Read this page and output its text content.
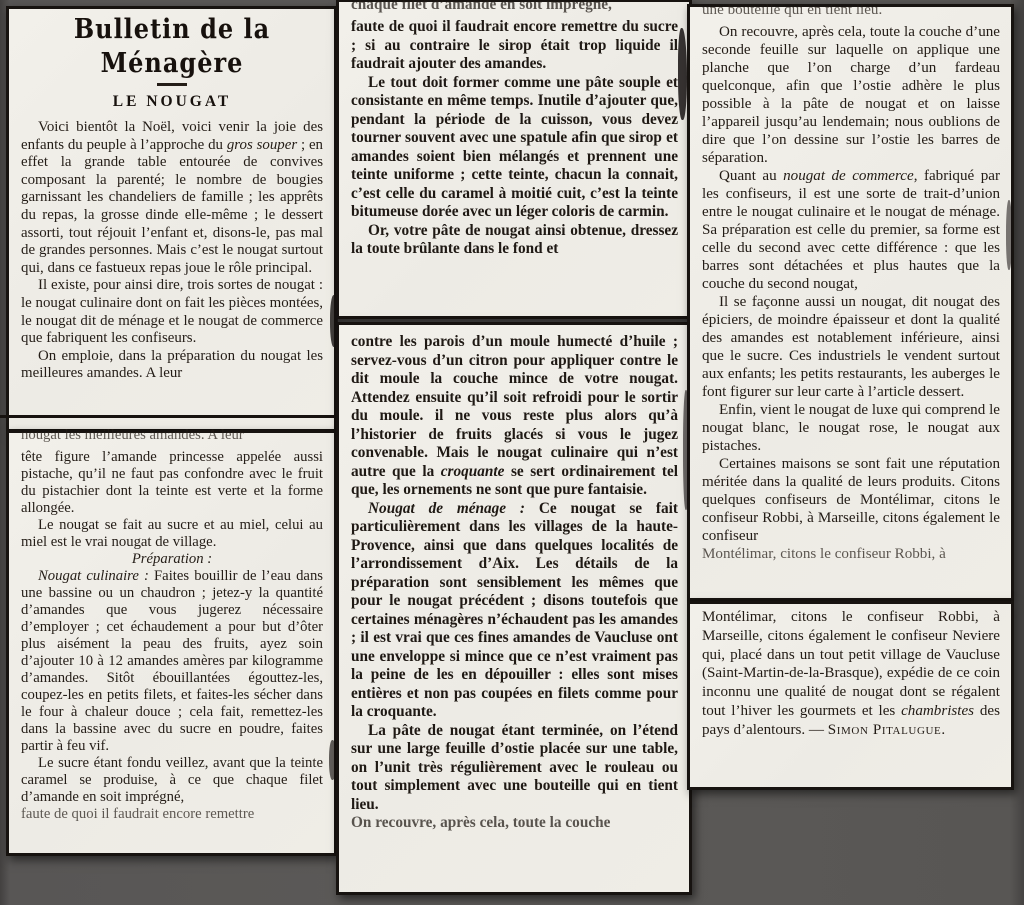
Bulletin de la Ménagère
LE NOUGAT

Voici bientôt la Noël, voici venir la joie des enfants du peuple à l’approche du gros souper ; en effet la grande table entourée de convives composant la parenté; le nombre de bougies garnissant les chandeliers de famille ; les apprêts du repas, la grosse dinde elle-même ; le dessert assorti, tout réjouit l’enfant et, disons-le, pas mal de grandes personnes. Mais c’est le nougat surtout qui, dans ce fastueux repas joue le rôle principal.

Il existe, pour ainsi dire, trois sortes de nougat : le nougat culinaire dont on fait les pièces montées, le nougat dit de ménage et le nougat de commerce que fabriquent les confiseurs.

On emploie, dans la préparation du nougat les meilleures amandes. A leur

nougat les meilleures amandes. A leur

tête figure l’amande princesse appelée aussi pistache, qu’il ne faut pas confondre avec le fruit du pistachier dont la teinte est verte et la forme allongée.

Le nougat se fait au sucre et au miel, celui au miel est le vrai nougat de village.

Préparation :

Nougat culinaire : Faites bouillir de l’eau dans une bassine ou un chaudron ; jetez-y la quantité d’amandes que vous jugerez nécessaire d’employer ; cet échaudement a pour but d’ôter plus aisément la peau des fruits, ayez soin d’ajouter 10 à 12 amandes amères par kilogramme d’amandes. Sitôt ébouillantées égouttez-les, coupez-les en petits filets, et faites-les sécher dans le four à chaleur douce ; cela fait, remettez-les dans la bassine avec du sucre en poudre, faites partir à feu vif.

Le sucre étant fondu veillez, avant que la teinte caramel se produise, à ce que chaque filet d’amande en soit imprégné,

faute de quoi il faudrait encore remettre
chaque filet d’amande en soit imprégné,

faute de quoi il faudrait encore remettre du sucre ; si au contraire le sirop était trop liquide il faudrait ajouter des amandes.

Le tout doit former comme une pâte souple et consistante en même temps. Inutile d’ajouter que, pendant la période de la cuisson, vous devez tourner souvent avec une spatule afin que sirop et amandes soient bien mélangés et prennent une teinte uniforme ; cette teinte, chacun la connait, c’est celle du caramel à moitié cuit, c’est la teinte bitumeuse dorée avec un léger coloris de carmin.

Or, votre pâte de nougat ainsi obtenue, dressez la toute brûlante dans le fond et

contre les parois d’un moule humecté d’huile ; servez-vous d’un citron pour appliquer contre le dit moule la couche mince de votre nougat. Attendez ensuite qu’il soit refroidi pour le sortir du moule. il ne vous reste plus alors qu’à l’historier de fruits glacés si vous le jugez convenable. Mais le nougat culinaire qui n’est autre que la croquante se sert ordinairement tel que, les ornements ne sont que pure fantaisie.

Nougat de ménage : Ce nougat se fait particulièrement dans les villages de la haute-Provence, ainsi que dans quelques localités de l’arrondissement d’Aix. Les détails de la préparation sont sensiblement les mêmes que pour le nougat précédent ; disons toutefois que certaines ménagères n’échaudent pas les amandes ; il est vrai que ces fines amandes de Vaucluse ont une enveloppe si mince que ce n’est vraiment pas la peine de les en dépouiller : elles sont mises entières et non pas coupées en filets comme pour la croquante.

La pâte de nougat étant terminée, on l’étend sur une large feuille d’ostie placée sur une table, on l’unit très régulièrement avec le rouleau ou tout simplement avec une bouteille qui en tient lieu.

On recouvre, après cela, toute la couche
une bouteille qui en tient lieu.

On recouvre, après cela, toute la couche d’une seconde feuille sur laquelle on applique une planche que l’on charge d’un fardeau quelconque, afin que l’ostie adhère le plus possible à la pâte de nougat et on laisse l’appareil jusqu’au lendemain; nous oublions de dire que l’on dessine sur l’ostie les barres de séparation.

Quant au nougat de commerce, fabriqué par les confiseurs, il est une sorte de trait-d’union entre le nougat culinaire et le nougat de ménage. Sa préparation est celle du premier, sa forme est celle du second avec cette différence : que les barres sont détachées et plus hautes que la couche du second nougat,

Il se façonne aussi un nougat, dit nougat des épiciers, de moindre épaisseur et dont la qualité des amandes est notablement inférieure, ainsi que le sucre. Ces industriels le vendent surtout aux enfants; les petits restaurants, les auberges le font figurer sur leur carte à l’article dessert.

Enfin, vient le nougat de luxe qui comprend le nougat blanc, le nougat rose, le nougat aux pistaches.

Certaines maisons se sont fait une réputation méritée dans la qualité de leurs produits. Citons quelques confiseurs de Montélimar, citons le confiseur Robbi, à Marseille, citons également le confiseur

Montélimar, citons le confiseur Robbi, à

Montélimar, citons le confiseur Robbi, à Marseille, citons également le confiseur Neviere qui, placé dans un tout petit village de Vaucluse (Saint-Martin-de-la-Brasque), expédie de ce coin inconnu une qualité de nougat dont se régalent tout l’hiver les gourmets et les chambristes des pays d’alentours. — Simon Pitalugue.
